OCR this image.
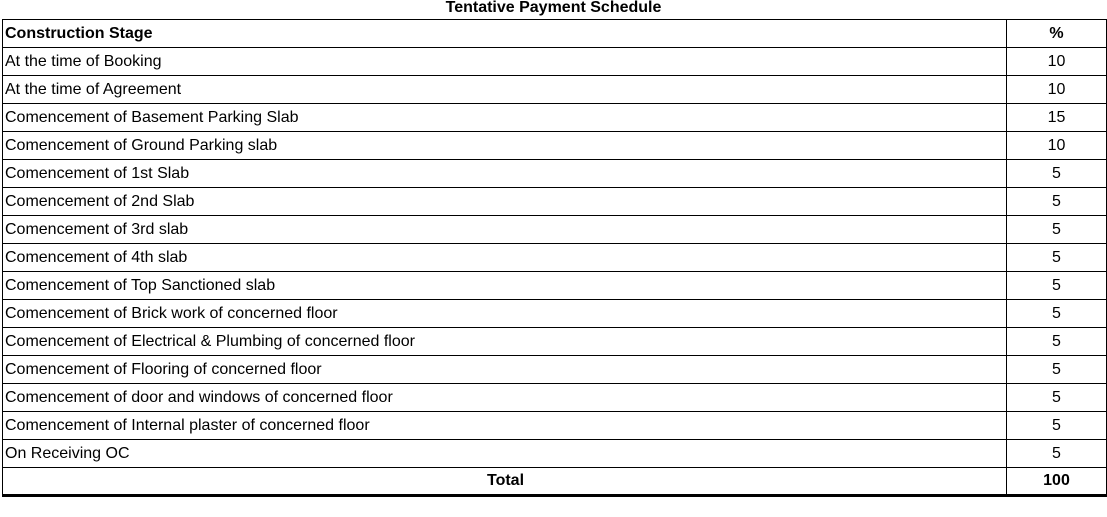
Tentative Payment Schedule
Construction Stage	%
At the time of Booking	10
At the time of Agreement	10
Comencement of Basement Parking Slab	15
Comencement of Ground Parking slab	10
Comencement of 1st Slab	5
Comencement of 2nd Slab	5
Comencement of 3rd slab	5
Comencement of 4th slab	5
Comencement of Top Sanctioned slab	5
Comencement of Brick work of concerned floor	5
Comencement of Electrical & Plumbing of concerned floor	5
Comencement of Flooring of concerned floor	5
Comencement of door and windows of concerned floor	5
Comencement of Internal plaster of concerned floor	5
On Receiving OC	5
Total	100
